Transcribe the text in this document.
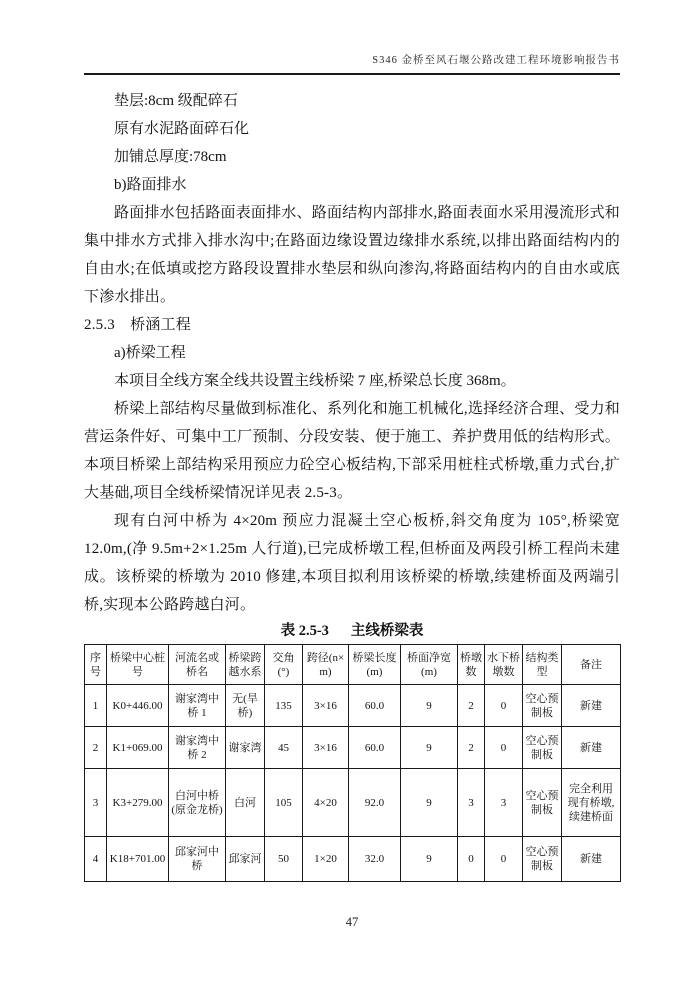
S346 金桥至风石堰公路改建工程环境影响报告书

垫层:8cm 级配碎石

原有水泥路面碎石化

加铺总厚度:78cm

b)路面排水

路面排水包括路面表面排水、路面结构内部排水,路面表面水采用漫流形式和集中排水方式排入排水沟中;在路面边缘设置边缘排水系统,以排出路面结构内的自由水;在低填或挖方路段设置排水垫层和纵向渗沟,将路面结构内的自由水或底下渗水排出。

2.5.3　桥涵工程

a)桥梁工程

本项目全线方案全线共设置主线桥梁 7 座,桥梁总长度 368m。

桥梁上部结构尽量做到标准化、系列化和施工机械化,选择经济合理、受力和营运条件好、可集中工厂预制、分段安装、便于施工、养护费用低的结构形式。本项目桥梁上部结构采用预应力砼空心板结构,下部采用桩柱式桥墩,重力式台,扩大基础,项目全线桥梁情况详见表 2.5-3。

现有白河中桥为 4×20m 预应力混凝土空心板桥,斜交角度为 105°,桥梁宽 12.0m,(净 9.5m+2×1.25m 人行道),已完成桥墩工程,但桥面及两段引桥工程尚未建成。该桥梁的桥墩为 2010 修建,本项目拟利用该桥梁的桥墩,续建桥面及两端引桥,实现本公路跨越白河。

表 2.5-3 主线桥梁表
序号	桥梁中心桩号	河流名或桥名	桥梁跨越水系	交角(°)	跨径(n×m)	桥梁长度(m)	桥面净宽(m)	桥墩数	水下桥墩数	结构类型	备注
1	K0+446.00	谢家湾中桥 1	无(旱桥)	135	3×16	60.0	9	2	0	空心预制板	新建
2	K1+069.00	谢家湾中桥 2	谢家湾	45	3×16	60.0	9	2	0	空心预制板	新建
3	K3+279.00	白河中桥(原金龙桥)	白河	105	4×20	92.0	9	3	3	空心预制板	完全利用现有桥墩,续建桥面
4	K18+701.00	邱家河中桥	邱家河	50	1×20	32.0	9	0	0	空心预制板	新建
47
